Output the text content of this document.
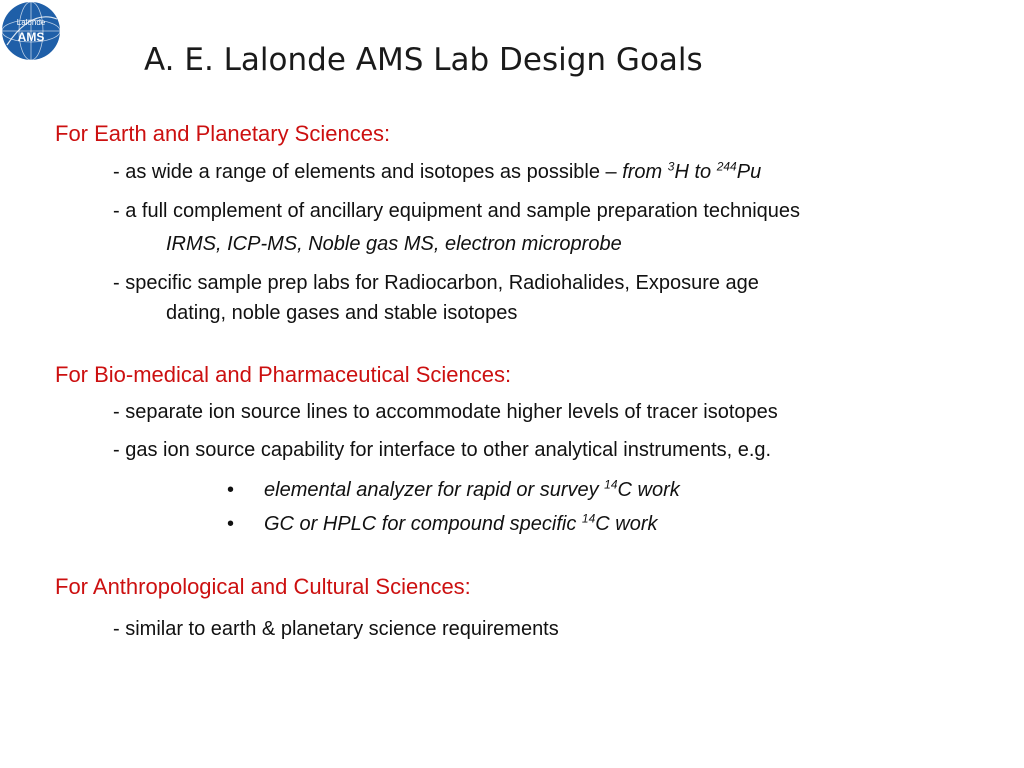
Lalonde
AMS
A. E. Lalonde AMS Lab Design Goals
For Earth and Planetary Sciences:
- as wide a range of elements and isotopes as possible – from $^3$H to $^{244}$Pu
- a full complement of ancillary equipment and sample preparation techniques
IRMS, ICP-MS, Noble gas MS, electron microprobe
- specific sample prep labs for Radiocarbon, Radiohalides, Exposure age
dating, noble gases and stable isotopes
For Bio-medical and Pharmaceutical Sciences:
- separate ion source lines to accommodate higher levels of tracer isotopes
- gas ion source capability for interface to other analytical instruments, e.g.
• elemental analyzer for rapid or survey $^{14}$C work
• GC or HPLC for compound specific $^{14}$C work
For Anthropological and Cultural Sciences:
- similar to earth & planetary science requirements
